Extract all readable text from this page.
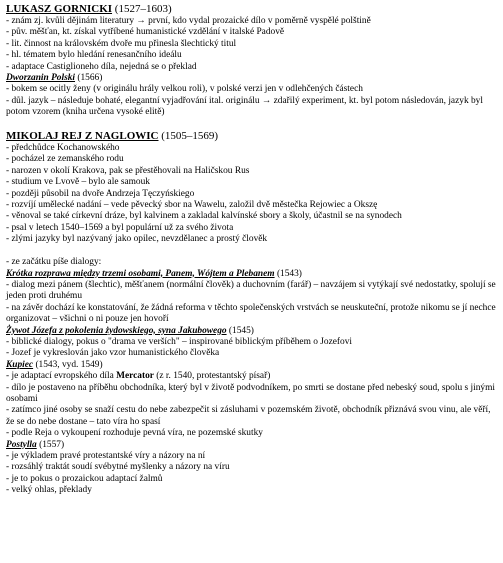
LUKASZ GORNICKI (1527–1603)
- znám zj. kvůli dějinám literatury → první, kdo vydal prozaické dílo v poměrně vyspělé polštině
- pův. měšťan, kt. získal vytříbené humanistické vzdělání v italské Padově
- lit. činnost na královském dvoře mu přinesla šlechtický titul
- hl. tématem bylo hledání renesančního ideálu
- adaptace Castiglioneho díla, nejedná se o překlad
Dworzanin Polski (1566)
- bokem se ocitly ženy (v originálu hrály velkou roli), v polské verzi jen v odlehčených částech
- důl. jazyk – následuje bohaté, elegantní vyjadřování ital. originálu → zdařilý experiment, kt. byl potom následován, jazyk byl potom vzorem (kniha určena vysoké elitě)
MIKOLAJ REJ Z NAGLOWIC (1505–1569)
- předchůdce Kochanowského
- pocházel ze zemanského rodu
- narozen v okolí Krakova, pak se přestěhovali na Haličskou Rus
- studium ve Lvově – bylo ale samouk
- později působil na dvoře Andrzeja Tęczyńskiego
- rozvíjí umělecké nadání – vede pěvecký sbor na Wawelu, založil dvě městečka Rejowiec a Okszę
- věnoval se také církevní dráze, byl kalvinem a zakladal kalvínské sbory a školy, účastnil se na synodech
- psal v letech 1540–1569 a byl populární už za svého života
- zlými jazyky byl nazývaný jako opilec, nevzdělanec a prostý člověk
- ze začátku píše dialogy:
Krótka rozprawa między trzemi osobami, Panem, Wójtem a Plebanem (1543)
- dialog mezi pánem (šlechtic), měšťanem (normální člověk) a duchovním (farář) – navzájem si vytýkají své nedostatky, spolují se jeden proti druhému
- na závěr dochází ke konstatování, že žádná reforma v těchto společenských vrstvách se neuskuteční, protože nikomu se jí nechce organizovat – všichni o ni pouze jen hovoří
Żywot Józefa z pokolenia żydowskiego, syna Jakubowego (1545)
- biblické dialogy, pokus o "drama ve verších" – inspirované biblickým příběhem o Jozefovi
- Jozef je vykreslován jako vzor humanistického člověka
Kupiec (1543, vyd. 1549)
- je adaptací evropského díla Mercator (z r. 1540, protestantský písař)
- dílo je postaveno na příběhu obchodníka, který byl v životě podvodníkem, po smrti se dostane před nebeský soud, spolu s jinými osobami
- zatímco jiné osoby se snaží cestu do nebe zabezpečit si zásluhami v pozemském životě, obchodník přiznává svou vinu, ale věří, že se do nebe dostane – tato víra ho spasí
- podle Reja o vykoupení rozhoduje pevná víra, ne pozemské skutky
Postylla (1557)
- je výkladem pravé protestantské víry a názory na ní
- rozsáhlý traktát soudí svébytné myšlenky a názory na víru
- je to pokus o prozaickou adaptací žalmů
- velký ohlas, překlady
